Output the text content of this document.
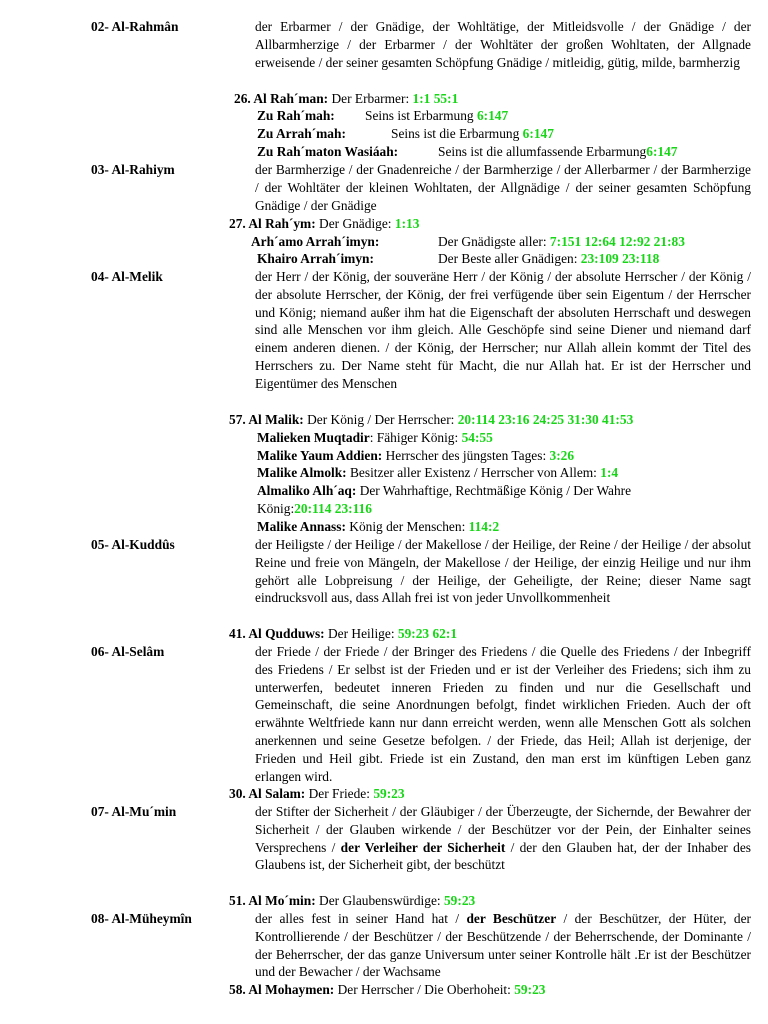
02- Al-Rahmân	der Erbarmer / der Gnädige, der Wohltätige, der Mitleidsvolle / der Gnädige / der Allbarmherzige / der Erbarmer / der Wohltäter der großen Wohltaten, der Allgnade erweisende / der seiner gesamten Schöpfung Gnädige / mitleidig, gütig, milde, barmherzig
26. Al Rah´man: Der Erbarmer: 1:1 55:1
Zu Rah´mah: Seins ist Erbarmung 6:147
Zu Arrah´mah:	Seins ist die Erbarmung 6:147
Zu Rah´maton Wasiáah:	Seins ist die allumfassende Erbarmung6:147
03- Al-Rahiym	der Barmherzige / der Gnadenreiche / der Barmherzige / der Allerbarmer / der Barmherzige / der Wohltäter der kleinen Wohltaten, der Allgnädige / der seiner gesamten Schöpfung Gnädige / der Gnädige
27. Al Rah´ym: Der Gnädige: 1:13
Arh´amo Arrah´imyn:	Der Gnädigste aller: 7:151 12:64 12:92 21:83
Khairo Arrah´imyn:	Der Beste aller Gnädigen: 23:109 23:118
04- Al-Melik	der Herr / der König, der souveräne Herr / der König / der absolute Herrscher / der König / der absolute Herrscher, der König, der frei verfügende über sein Eigentum / der Herrscher und König; niemand außer ihm hat die Eigenschaft der absoluten Herrschaft und deswegen sind alle Menschen vor ihm gleich. Alle Geschöpfe sind seine Diener und niemand darf einem anderen dienen. / der König, der Herrscher; nur Allah allein kommt der Titel des Herrschers zu. Der Name steht für Macht, die nur Allah hat. Er ist der Herrscher und Eigentümer des Menschen
57. Al Malik: Der König / Der Herrscher: 20:114 23:16 24:25 31:30 41:53
Malieken Muqtadir: Fähiger König: 54:55
Malike Yaum Addien: Herrscher des jüngsten Tages: 3:26
Malike Almolk: Besitzer aller Existenz / Herrscher von Allem: 1:4
Almaliko Alh´aq: Der Wahrhaftige, Rechtmäßige König / Der Wahre
König:20:114 23:116
Malike Annass: König der Menschen: 114:2
05- Al-Kuddûs	der Heiligste / der Heilige / der Makellose / der Heilige, der Reine / der Heilige / der absolut Reine und freie von Mängeln, der Makellose / der Heilige, der einzig Heilige und nur ihm gehört alle Lobpreisung / der Heilige, der Geheiligte, der Reine; dieser Name sagt eindrucksvoll aus, dass Allah frei ist von jeder Unvollkommenheit
41. Al Qudduws: Der Heilige: 59:23 62:1
06- Al-Selâm	der Friede / der Friede / der Bringer des Friedens / die Quelle des Friedens / der Inbegriff des Friedens / Er selbst ist der Frieden und er ist der Verleiher des Friedens; sich ihm zu unterwerfen, bedeutet inneren Frieden zu finden und nur die Gesellschaft und Gemeinschaft, die seine Anordnungen befolgt, findet wirklichen Frieden. Auch der oft erwähnte Weltfriede kann nur dann erreicht werden, wenn alle Menschen Gott als solchen anerkennen und seine Gesetze befolgen. / der Friede, das Heil; Allah ist derjenige, der Frieden und Heil gibt. Friede ist ein Zustand, den man erst im künftigen Leben ganz erlangen wird.
30. Al Salam: Der Friede: 59:23
07- Al-Mu´min	der Stifter der Sicherheit / der Gläubiger / der Überzeugte, der Sichernde, der Bewahrer der Sicherheit / der Glauben wirkende / der Beschützer vor der Pein, der Einhalter seines Versprechens / der Verleiher der Sicherheit / der den Glauben hat, der der Inhaber des Glaubens ist, der Sicherheit gibt, der beschützt
51. Al Mo´min: Der Glaubenswürdige: 59:23
08- Al-Müheymîn	der alles fest in seiner Hand hat / der Beschützer / der Beschützer, der Hüter, der Kontrollierende / der Beschützer / der Beschützende / der Beherrschende, der Dominante / der Beherrscher, der das ganze Universum unter seiner Kontrolle hält .Er ist der Beschützer und der Bewacher / der Wachsame
58. Al Mohaymen: Der Herrscher / Die Oberhoheit: 59:23
